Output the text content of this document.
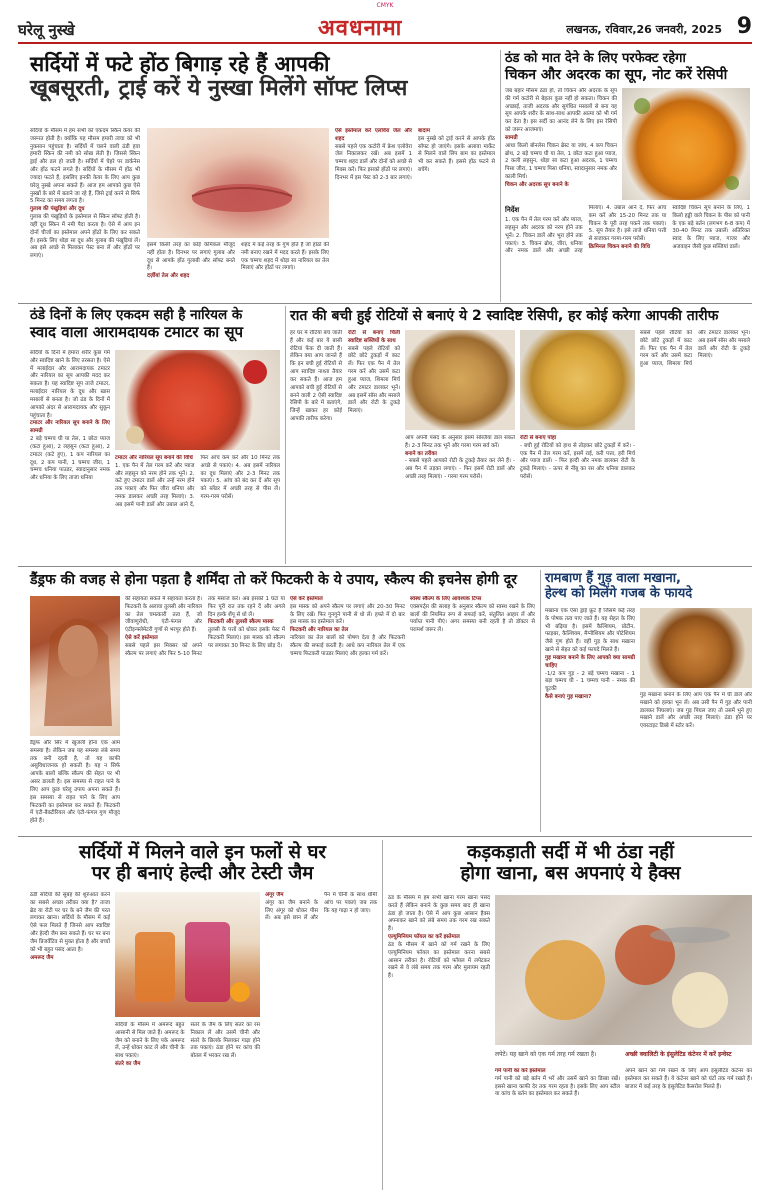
CMYK
घरेलू नुस्खे	अवधनामा	लखनऊ, रविवार,26 जनवरी, 2025 9
सर्दियों में फटे होंठ बिगाड़ रहे हैं आपकी
खूबसूरती, ट्राई करें ये नुस्खा मिलेंगे सॉफ्ट लिप्स
सर्दियों के मौसम में हम सभी को एकदम स्किन केयर की जरूरत होती है। क्योंकि यह मौसम हमारी त्वचा को भी नुकसान पहुंचाता है। सर्दियों में चलने वाली ठंडी हवा हमारी स्किन की नमी को सोख लेती है। जिससे स्किन ड्राई और डल हो जाती है। सर्दियों में चेहरे पर डार्कनेस और होंठ फटने लगते हैं। सर्दियों के मौसम में होंठ भी ज्यादा फटते हैं, इसलिए इनकी केयर के लिए आप कुछ घरेलू नुस्खे अपना सकते हैं। आज हम आपको कुछ ऐसे नुस्खों के बारे में बताने जा रहे हैं, जिसे ट्राई करने से सिर्फ 5 मिनट का समय लगता है।
गुलाब की पंखुड़ियां और दूध
गुलाब की पंखुड़ियों के इस्तेमाल से स्किन सॉफ्ट होती है। वहीं दूध स्किन में नमी पैदा करता है। ऐसे में आप इन दोनों चीजों का इस्तेमाल अपने होंठों के लिए कर सकते हैं। इसके लिए थोड़ा सा दूध और गुलाब की पंखुड़ियां लें। अब इसे अच्छे से मिलाकर पेस्ट बना लें और होंठों पर लगाएं।
इसमें किसी तरह का कोई केमिकल मौजूद नहीं होता है। दिनभर पर लगाएं गुलाब और दूध से आपके होंठ गुलाबी और सॉफ्ट बनते हैं।
दर्ज़ीयां तेल और शहद
शहद में कई तरह के गुण होते हैं जो होंठों की नमी बनाए रखने में मदद करते हैं। इसके लिए एक चम्मच शहद में थोड़ा सा नारियल का तेल मिलाएं और होंठों पर लगाएं।
ऐसे इस्तेमाल करें एलोवेरा जेल और शहद
सबसे पहले एक कटोरी में फ्रेश एलोवेरा जेल निकालकर रखें। अब इसमें 1 चम्मच शहद डालें और दोनों को अच्छे से मिक्स करें। फिर इसको होंठों पर लगाएं। दिनभर में इस पेस्ट को 2-3 बार लगाएं।
बादाम
इस नुस्खे को ट्राई करने से आपके होंठ सॉफ्ट हो जाएंगे। इसके अलावा मार्केट से मिलने वाले लिप बाम का इस्तेमाल भी कर सकते हैं। इससे होंठ फटने से बचेंगे।
ठंड को मात देने के लिए परफेक्ट रहेगा
चिकन और अदरक का सूप, नोट करें रेसिपी
जब बहार मौसम ठंडा हो, तो चिकन और अदरक के सूप की गर्म कटोरी से बेहतर कुछ नहीं हो सकता। चिकन की अच्छाई, ताजी अदरक और सुगंधित मसालों से बना यह सूप आपके शरीर के साथ-साथ आपकी आत्मा को भी गर्म कर देता है। इस सर्दी का आनंद लेने के लिए इस रेसिपी को जरूर आजमाएं।
सामग्री
आधा किलो बोनलेस चिकन ब्रेस्ट या जांघ, 4 कप चिकन ब्रोथ, 2 बड़े चम्मच घी या तेल, 1 छोटा कटा हुआ प्याज, 2 कली लहसुन, थोड़ा सा कटा हुआ अदरक, 1 चम्मच पिसा जीरा, 1 चम्मच पिसा धनिया, स्वादानुसार नमक और काली मिर्च।
चिकन और अदरक सूप बनाने के
निर्देश
1. एक पैन में तेल गरम करें और प्याज, लहसुन और अदरक को नरम होने तक भूनें। 2. चिकन डालें और भूरा होने तक पकाएं। 3. चिकन ब्रोथ, जीरा, धनिया और नमक डालें और अच्छी तरह मिलाएं। 4. उबाल आने दें, फिर आंच कम करें और 15-20 मिनट तक या चिकन के पूरी तरह पकने तक पकाएं। 5. सूप तैयार है। इसे ताजे धनिया पत्ती से सजाकर गरमा-गरम परोसें।
क्रिमिनल चिकन बनाने की विधि
स्वादिष्ट चिकन सूप बनाने के लिए, 1 किलो हड्डी वाले चिकन के पीस को पानी के एक बड़े बर्तन (लगभग 6-8 कप) में 30-40 मिनट तक उबालें। अतिरिक्त स्वाद के लिए प्याज, गाजर और अजवाइन जैसी कुछ सब्जियां डालें।
ठंडे दिनों के लिए एकदम सही है नारियल के
स्वाद वाला आरामदायक टमाटर का सूप
सर्दियों के दिनों में हमारा शरीर कुछ गर्म और स्वादिष्ट खाने के लिए तरसता है। ऐसे में मलाईदार और आरामदायक टमाटर और नारियल का सूप आपकी मदद कर सकता है। यह स्वादिष्ट सूप ताजे टमाटर, मलाईदार नारियल के दूध और खास मसालों से बनता है। जो ठंड के दिनों में आपको अंदर से आरामदायक और सुकून पहुंचाता है।
टमाटर और नारियल सूप बनाने के लिए सामग्री
2 बड़े चम्मच घी या तेल, 1 छोटा प्याज (कटा हुआ), 2 लहसुन (कटा हुआ), 2 टमाटर (कटे हुए), 1 कप नारियल का दूध, 2 कप पानी, 1 चम्मच जीरा, 1 चम्मच धनिया पाउडर, स्वादानुसार नमक और धनिया के लिए ताजा धनिया
टमाटर और नारियल सूप बनाने की विधि
1. एक पैन में तेल गरम करें और प्याज और लहसुन को नरम होने तक भूनें। 2. कटे हुए टमाटर डालें और उन्हें नरम होने तक पकाएं और फिर जीरा धनिया और नमक डालकर अच्छी तरह मिलाएं। 3. अब इसमें पानी डालें और उबाल आने दें, फिर आंच कम करें और 10 मिनट तक अच्छे से पकाएं। 4. अब इसमें नारियल का दूध मिलाएं और 2-3 मिनट तक पकाएं। 5. आंच को बंद कर दें और सूप को ब्लेंडर में अच्छी तरह से पीस लें। गरम-गरम परोसें।
रात की बची हुई रोटियों से बनाएं ये 2 स्वादिष्ट रेसिपी, हर कोई करेगा आपकी तारीफ
हर घर में रोटियां बच जाती हैं और कई बार ये बासी रोटियां फेंक दी जाती हैं। लेकिन क्या आप जानते हैं कि इन बची हुई रोटियों से आप स्वादिष्ट नाश्ता तैयार कर सकते हैं। आज हम आपको बची हुई रोटियों से बनने वाली 2 ऐसी स्वादिष्ट रेसिपी के बारे में बताएंगे, जिन्हें खाकर हर कोई आपकी तारीफ करेगा।
रोटी से बनाएं चिली स्वादिष्ट सब्जियों के साथ
सबसे पहले रोटियों को छोटे छोटे टुकड़ों में काट लें। फिर एक पैन में तेल गरम करें और उसमें कटा हुआ प्याज, शिमला मिर्च और टमाटर डालकर भूनें। अब इसमें सॉस और मसाले डालें और रोटी के टुकड़े मिलाएं।
आप अपनी पसंद के अनुसार इसमें सब्जियां डाल सकते हैं। 2-3 मिनट तक भूनें और गरमा गरम सर्व करें।
बनाने का तरीका
- सबसे पहले आपको रोटी के टुकड़े तैयार कर लेने हैं। - अब पैन में तड़का लगाएं। - फिर इसमें रोटी डालें और अच्छी तरह मिलाएं। - गरमा गरम परोसें।
रोटी से बनाएं पोहा
- बची हुई रोटियों को हाथ से तोड़कर छोटे टुकड़ों में करें। - एक पैन में तेल गरम करें, इसमें राई, करी पत्ता, हरी मिर्च और प्याज डालें। - फिर हल्दी और नमक डालकर रोटी के टुकड़े मिलाएं। - ऊपर से नींबू का रस और धनिया डालकर परोसें।
सबसे पहले रोटियों को छोटे छोटे टुकड़ों में काट लें। फिर एक पैन में तेल गरम करें और उसमें कटा हुआ प्याज, शिमला मिर्च और टमाटर डालकर भूनें। अब इसमें सॉस और मसाले डालें और रोटी के टुकड़े मिलाएं।
डैंड्रफ की वजह से होना पड़ता है शर्मिंदा तो करें फिटकरी के ये उपाय, स्कैल्प की इचनेस होगी दूर
डैंड्रफ और सिर में खुजली होना एक आम समस्या है। लेकिन जब यह समस्या लंबे समय तक बनी रहती है, तो यह काफी असुविधाजनक हो सकती है। यह न सिर्फ आपके बालों बल्कि स्कैल्प की सेहत पर भी असर डालती है। इस समस्या से राहत पाने के लिए आप कुछ घरेलू उपाय अपना सकते हैं। इस समस्या से राहत पाने के लिए आप फिटकरी का इस्तेमाल कर सकते हैं। फिटकरी में एंटी-बैक्टीरियल और एंटी-फंगल गुण मौजूद होते हैं।
की सहायता सकते में सहायता करता है। फिटकरी के अलावा तुलसी और नारियल का तेल चमत्कारी तत्व हैं, जो जीवाणुरोधी, एंटी-फंगल और एंटीइन्फ्लेमेटरी गुणों से भरपूर होते हैं।
ऐसे करें इस्तेमाल
सबसे पहले इस मिक्सर को अपने स्कैल्प पर लगाएं और फिर 5-10 मिनट तक मसाज करें। अब इसको 1 घंटा या फिर पूरी रात तक रहने दें और अगले दिन हल्के शैंपू से धो लें।
फिटकरी और तुलसी स्कैल्प मास्क
तुलसी के पत्तों को धोकर इसके पेस्ट में फिटकरी मिलाएं। इस मास्क को स्कैल्प पर लगाकर 30 मिनट के लिए छोड़ दें।
ऐसे करें इस्तेमाल
इस मास्क को अपने स्कैल्प पर लगाएं और 20-30 मिनट के लिए रखें। फिर गुनगुने पानी से धो लें। हफ्ते में दो बार इस मास्क का इस्तेमाल करें।
फिटकरी और नारियल का तेल
नारियल का तेल बालों को पोषण देता है और फिटकरी स्कैल्प की सफाई करती है। आधे कप नारियल तेल में एक चम्मच फिटकरी पाउडर मिलाएं और हल्का गर्म करें।
स्वस्थ स्कैल्प के लिए आवश्यक टिप्स
एक्सपर्ट्स की सलाह के अनुसार स्कैल्प को स्वस्थ रखने के लिए बालों की नियमित रूप से सफाई करें, संतुलित आहार लें और पर्याप्त पानी पीएं। अगर समस्या बनी रहती है तो डॉक्टर से परामर्श जरूर लें।
रामबाण हैं गुड़ वाला मखाना,
हेल्थ को मिलेंगे गजब के फायदे
मखाना एक ऐसा ड्राई फ्रूट है जिसमें कई तरह के पोषक तत्व पाए जाते हैं। यह सेहत के लिए भी बढ़िया है। इसमें कैल्शियम, प्रोटीन, फाइबर, कैल्शियम, मैग्नीशियम और पोटेशियम जैसे गुण होते हैं। वहीं गुड़ के साथ मखाना खाने से सेहत को कई फायदे मिलते हैं।
गुड़ मखाना बनाने के लिए आपको क्या सामग्री चाहिए
-1/2 कप गुड़ - 2 बड़े चम्मच मखाना - 1 बड़ा चम्मच घी - 1 चम्मच पानी - नमक की चुटकी
कैसे बनाएं गुड़ मखाना?	गुड़ मखाना बनाने के लिए आप एक पैन में घी डालें और मखाने को हल्का भून लें। अब उसी पैन में गुड़ और पानी डालकर पिघलाएं। जब गुड़ पिघल जाए तो उसमें भुने हुए मखाने डालें और अच्छी तरह मिलाएं। ठंडा होने पर एयरटाइट डिब्बे में स्टोर करें।
सर्दियों में मिलने वाले इन फलों से घर
पर ही बनाएं हेल्दी और टेस्टी जैम
ठंडी सर्दियों की सुबह की शुरुआत करने का सबसे अच्छा तरीका क्या है? ताजा ब्रेड या रोटी पर घर के बने जैम की परत लगाकर खाना। सर्दियों के मौसम में कई ऐसे फल मिलते हैं जिनसे आप स्वादिष्ट और हेल्दी जैम बना सकते हैं। घर पर बना जैम प्रिजर्वेटिव से मुक्त होता है और बच्चों को भी बहुत पसंद आता है।
अमरूद जैम
सर्दियों के मौसम में अमरूद बहुत आसानी से मिल जाते हैं। अमरूद के जैम को बनाने के लिए पके अमरूद लें, उन्हें धोकर काट लें और चीनी के साथ पकाएं।
संतरे का जैम
संतरे के जैम के लिए संतरे का रस निकाल लें और उसमें चीनी और संतरे के छिलके मिलाकर गाढ़ा होने तक पकाएं। ठंडा होने पर कांच की बोतल में भरकर रख लें।
अंगूर जैम
अंगूर का जैम बनाने के लिए अंगूर को धोकर पीस लें। अब इसे छान लें और पैन में चीनी के साथ धीमी आंच पर पकाएं जब तक कि यह गाढ़ा न हो जाए।
कड़कड़ाती सर्दी में भी ठंडा नहीं
होगा खाना, बस अपनाएं ये हैक्स
ठंड के मौसम में हम सभी खाना गरम खाना पसंद करते हैं लेकिन बनाने के कुछ समय बाद ही खाना ठंडा हो जाता है। ऐसे में आप कुछ आसान हैक्स अपनाकर खाने को लंबे समय तक गरम रख सकते हैं।
एल्युमिनियम फॉयल का करें इस्तेमाल
ठंड के मौसम में खाने को गर्म रखने के लिए एल्युमिनियम फॉयल का इस्तेमाल करना सबसे आसान तरीका है। रोटियों को फॉयल में लपेटकर रखने से वे लंबे समय तक गरम और मुलायम रहती हैं।
लपेटें। यह खाने को एक गर्म तरह गर्म रखता है।	अच्छी क्वालिटी के इंसुलेटिड कंटेनर में करें इन्वेस्ट
गर्म पानी का करें इस्तेमाल
गर्म पानी को बड़े बर्तन में भरें और उसमें खाने का डिब्बा रखें। इससे खाना काफी देर तक गरम रहता है। इसके लिए आप स्टील या कांच के बर्तन का इस्तेमाल कर सकते हैं।
अपने खाने को गर्म रखने के लिए आप इंसुलेटिड कंटेनर का इस्तेमाल कर सकते हैं। ये कंटेनर खाने को घंटों तक गर्म रखते हैं। बाजार में कई तरह के इंसुलेटिड कैसरोल मिलते हैं।
